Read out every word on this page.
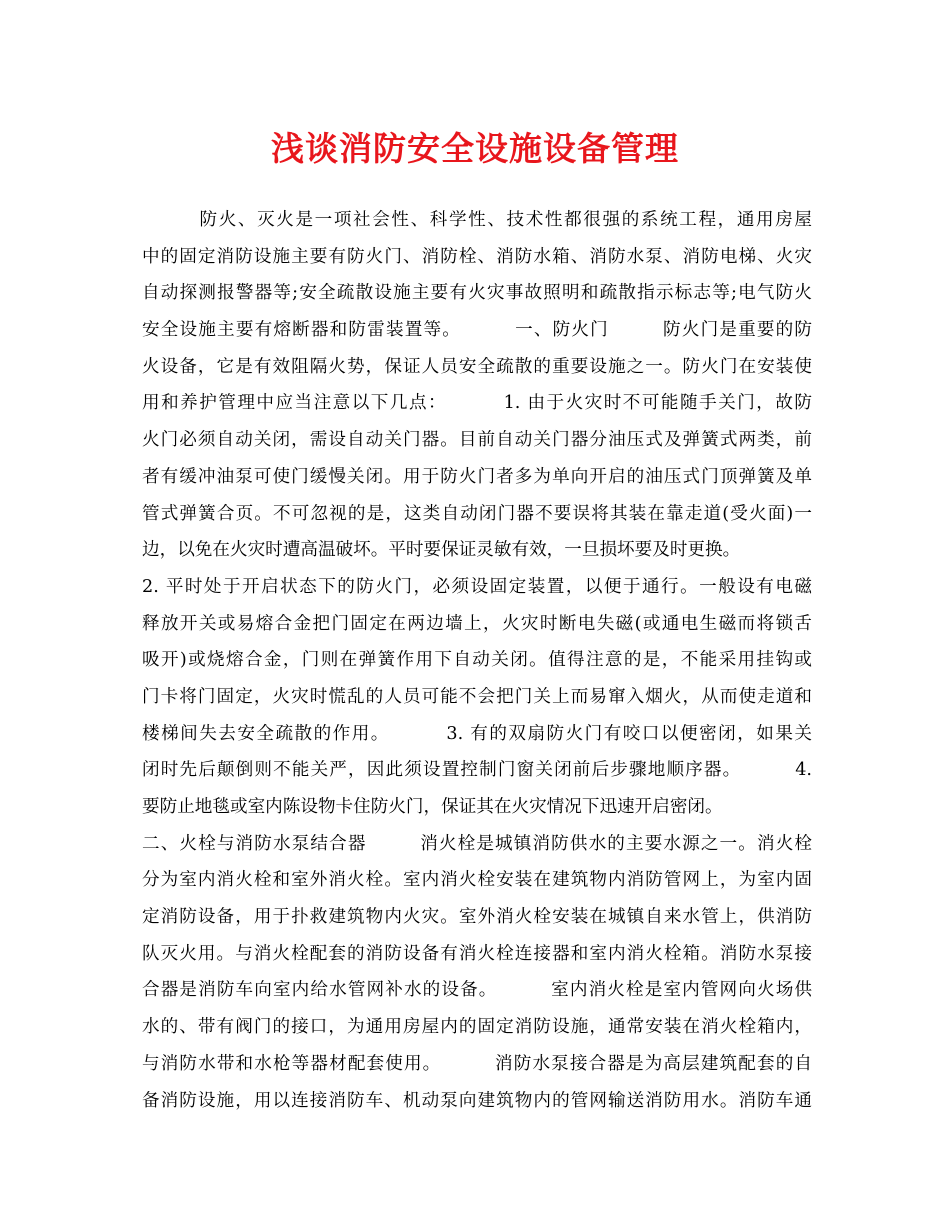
浅谈消防安全设施设备管理
防火、灭火是一项社会性、科学性、技术性都很强的系统工程，通用房屋
中的固定消防设施主要有防火门、消防栓、消防水箱、消防水泵、消防电梯、火灾
自动探测报警器等;安全疏散设施主要有火灾事故照明和疏散指示标志等;电气防火
安全设施主要有熔断器和防雷装置等。        一、防火门        防火门是重要的防
火设备，它是有效阻隔火势，保证人员安全疏散的重要设施之一。防火门在安装使
用和养护管理中应当注意以下几点：        1. 由于火灾时不可能随手关门，故防
火门必须自动关闭，需设自动关门器。目前自动关门器分油压式及弹簧式两类，前
者有缓冲油泵可使门缓慢关闭。用于防火门者多为单向开启的油压式门顶弹簧及单
管式弹簧合页。不可忽视的是，这类自动闭门器不要误将其装在靠走道(受火面)一
边，以免在火灾时遭高温破坏。平时要保证灵敏有效，一旦损坏要及时更换。
2. 平时处于开启状态下的防火门，必须设固定装置，以便于通行。一般设有电磁
释放开关或易熔合金把门固定在两边墙上，火灾时断电失磁(或通电生磁而将锁舌
吸开)或烧熔合金，门则在弹簧作用下自动关闭。值得注意的是，不能采用挂钩或
门卡将门固定，火灾时慌乱的人员可能不会把门关上而易窜入烟火，从而使走道和
楼梯间失去安全疏散的作用。        3. 有的双扇防火门有咬口以便密闭，如果关
闭时先后颠倒则不能关严，因此须设置控制门窗关闭前后步骤地顺序器。        4.
要防止地毯或室内陈设物卡住防火门，保证其在火灾情况下迅速开启密闭。
二、火栓与消防水泵结合器        消火栓是城镇消防供水的主要水源之一。消火栓
分为室内消火栓和室外消火栓。室内消火栓安装在建筑物内消防管网上，为室内固
定消防设备，用于扑救建筑物内火灾。室外消火栓安装在城镇自来水管上，供消防
队灭火用。与消火栓配套的消防设备有消火栓连接器和室内消火栓箱。消防水泵接
合器是消防车向室内给水管网补水的设备。        室内消火栓是室内管网向火场供
水的、带有阀门的接口，为通用房屋内的固定消防设施，通常安装在消火栓箱内，
与消防水带和水枪等器材配套使用。        消防水泵接合器是为高层建筑配套的自
备消防设施，用以连接消防车、机动泵向建筑物内的管网输送消防用水。消防车通
